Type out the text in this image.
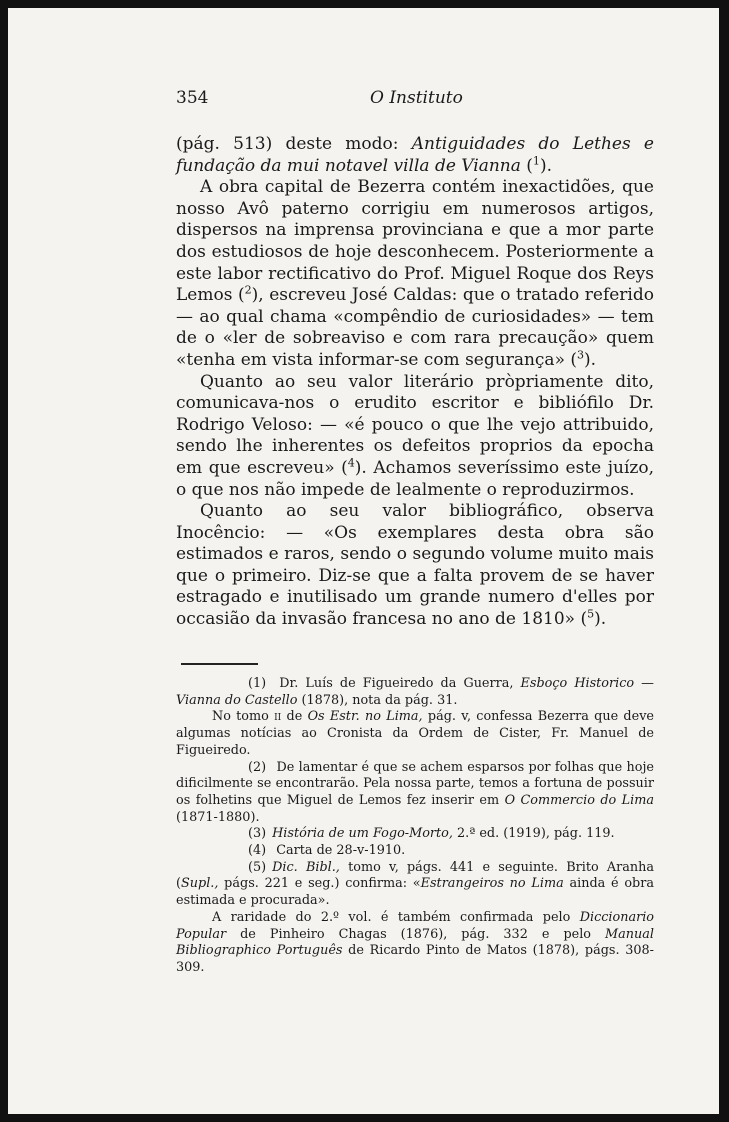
354	O Instituto

(pág. 513) deste modo: Antiguidades do Lethes e fundação da mui notavel villa de Vianna ($^1$).

A obra capital de Bezerra contém inexactidões, que nosso Avô paterno corrigiu em numerosos artigos, dispersos na imprensa provinciana e que a mor parte dos estudiosos de hoje desconhecem. Posteriormente a este labor rectificativo do Prof. Miguel Roque dos Reys Lemos ($^2$), escreveu José Caldas: que o tratado referido — ao qual chama «compêndio de curiosidades» — tem de o «ler de sobreaviso e com rara precaução» quem «tenha em vista informar-se com segurança» ($^3$).

Quanto ao seu valor literário pròpriamente dito, comunicava-nos o erudito escritor e bibliófilo Dr. Rodrigo Veloso: — «é pouco o que lhe vejo attribuido, sendo lhe inherentes os defeitos proprios da epocha em que escreveu» ($^4$). Achamos severíssimo este juízo, o que nos não impede de lealmente o reproduzirmos.

Quanto ao seu valor bibliográfico, observa Inocêncio: — «Os exemplares desta obra são estimados e raros, sendo o segundo volume muito mais que o primeiro. Diz-se que a falta provem de se haver estragado e inutilisado um grande numero d'elles por occasião da invasão francesa no ano de 1810» ($^5$).

(1) Dr. Luís de Figueiredo da Guerra, Esboço Historico — Vianna do Castello (1878), nota da pág. 31.

No tomo ii de Os Estr. no Lima, pág. v, confessa Bezerra que deve algumas notícias ao Cronista da Ordem de Cister, Fr. Manuel de Figueiredo.

(2) De lamentar é que se achem esparsos por folhas que hoje dificilmente se encontrarão. Pela nossa parte, temos a fortuna de possuir os folhetins que Miguel de Lemos fez inserir em O Commercio do Lima (1871-1880).

(3) História de um Fogo-Morto, 2.ª ed. (1919), pág. 119.

(4) Carta de 28-v-1910.

(5) Dic. Bibl., tomo v, págs. 441 e seguinte. Brito Aranha (Supl., págs. 221 e seg.) confirma: «Estrangeiros no Lima ainda é obra estimada e procurada».

A raridade do 2.º vol. é também confirmada pelo Diccionario Popular de Pinheiro Chagas (1876), pág. 332 e pelo Manual Bibliographico Português de Ricardo Pinto de Matos (1878), págs. 308-309.
